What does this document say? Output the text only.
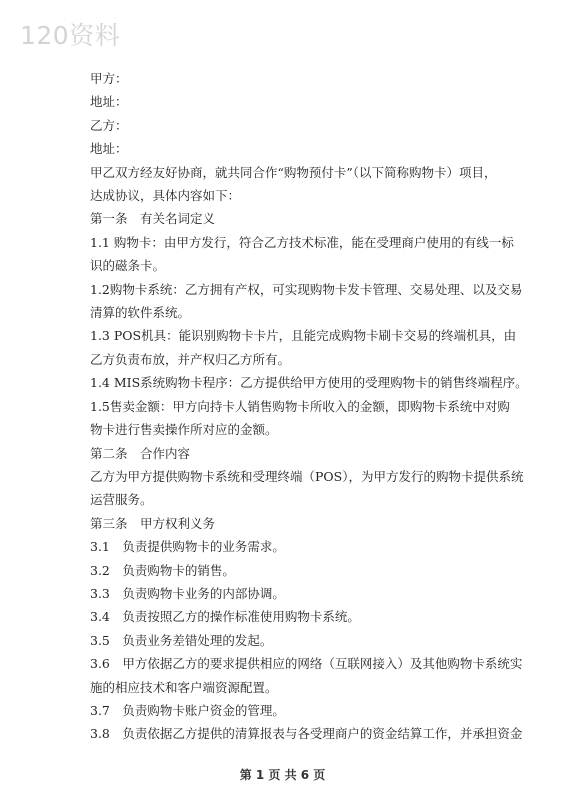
120资料

甲方：

地址：

乙方：

地址：

甲乙双方经友好协商，就共同合作“购物预付卡”（以下简称购物卡）项目，

达成协议，具体内容如下：

第一条　有关名词定义

1.1 购物卡：由甲方发行，符合乙方技术标准，能在受理商户使用的有线一标

识的磁条卡。

1.2购物卡系统：乙方拥有产权，可实现购物卡发卡管理、交易处理、以及交易

清算的软件系统。

1.3 POS机具：能识别购物卡卡片，且能完成购物卡刷卡交易的终端机具，由

乙方负责布放，并产权归乙方所有。

1.4 MIS系统购物卡程序：乙方提供给甲方使用的受理购物卡的销售终端程序。

1.5售卖金额：甲方向持卡人销售购物卡所收入的金额，即购物卡系统中对购

物卡进行售卖操作所对应的金额。

第二条　合作内容

乙方为甲方提供购物卡系统和受理终端（POS），为甲方发行的购物卡提供系统

运营服务。

第三条　甲方权利义务

3.1　负责提供购物卡的业务需求。

3.2　负责购物卡的销售。

3.3　负责购物卡业务的内部协调。

3.4　负责按照乙方的操作标准使用购物卡系统。

3.5　负责业务差错处理的发起。

3.6　甲方依据乙方的要求提供相应的网络（互联网接入）及其他购物卡系统实

施的相应技术和客户端资源配置。

3.7　负责购物卡账户资金的管理。

3.8　负责依据乙方提供的清算报表与各受理商户的资金结算工作，并承担资金

第 1 页 共 6 页
